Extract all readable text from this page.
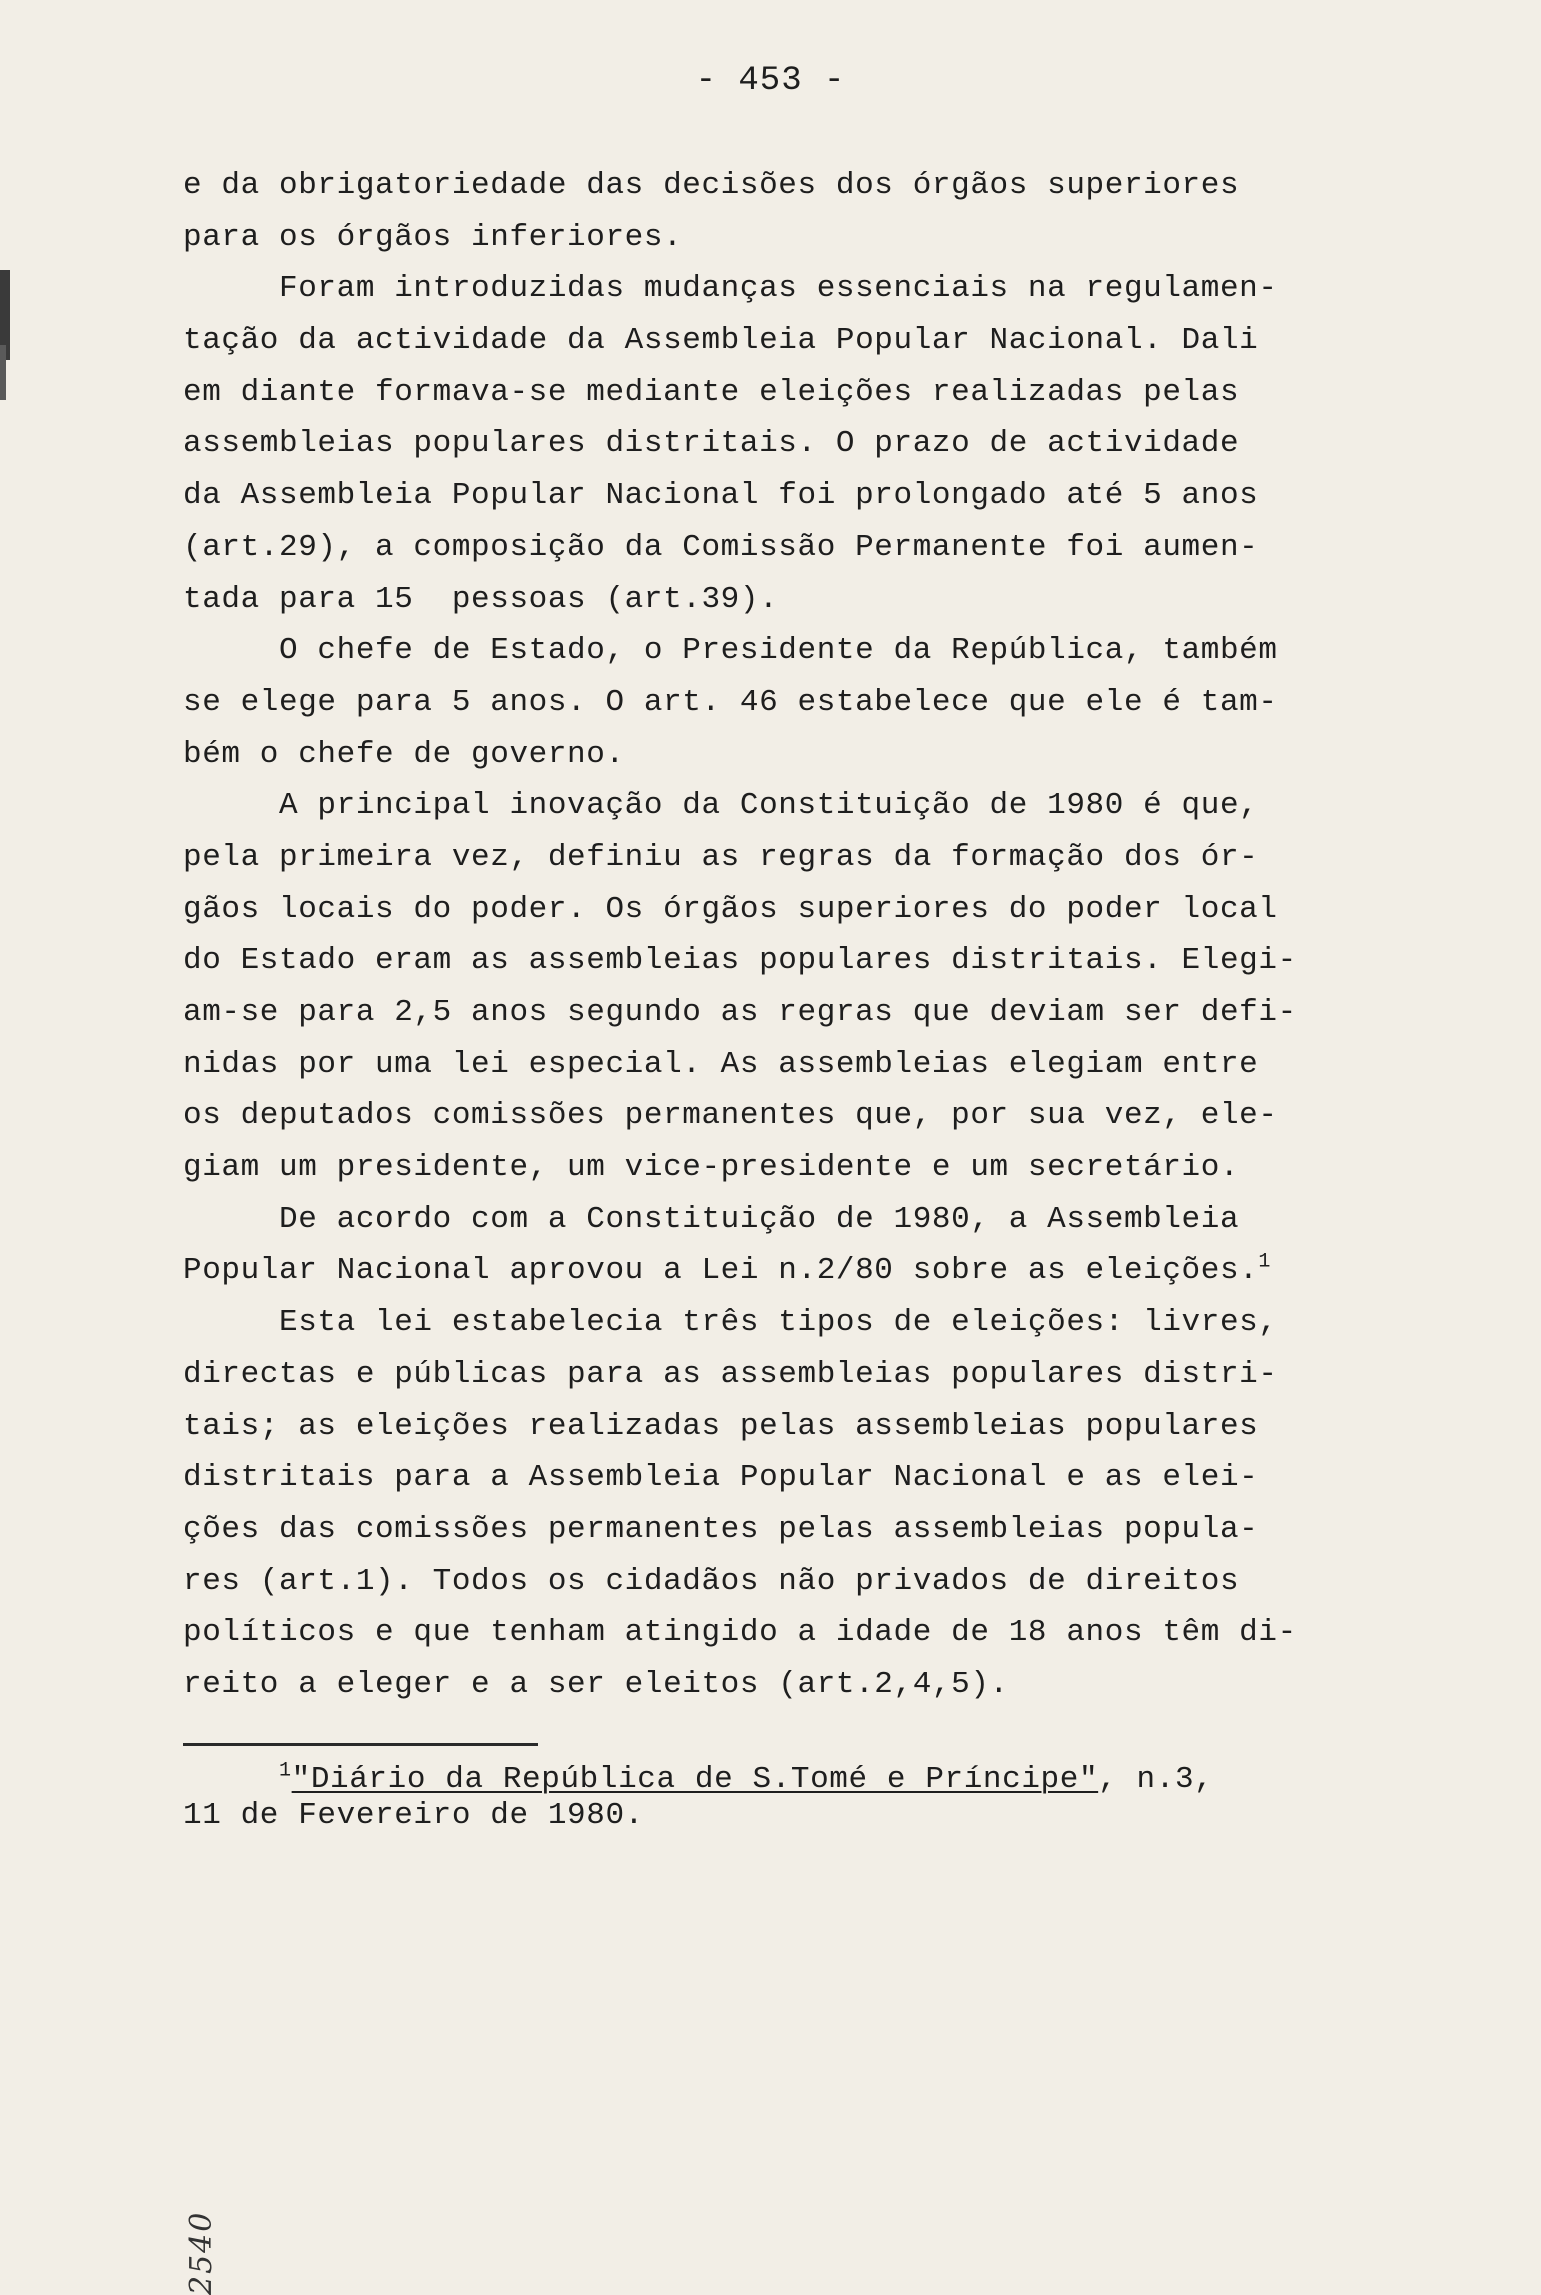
- 453 -
2540
e da obrigatoriedade das decisões dos órgãos superiores
para os órgãos inferiores.
Foram introduzidas mudanças essenciais na regulamen-
tação da actividade da Assembleia Popular Nacional. Dali
em diante formava-se mediante eleições realizadas pelas
assembleias populares distritais. O prazo de actividade
da Assembleia Popular Nacional foi prolongado até 5 anos
(art.29), a composição da Comissão Permanente foi aumen-
tada para 15  pessoas (art.39).
O chefe de Estado, o Presidente da República, também
se elege para 5 anos. O art. 46 estabelece que ele é tam-
bém o chefe de governo.
A principal inovação da Constituição de 1980 é que,
pela primeira vez, definiu as regras da formação dos ór-
gãos locais do poder. Os órgãos superiores do poder local
do Estado eram as assembleias populares distritais. Elegi-
am-se para 2,5 anos segundo as regras que deviam ser defi-
nidas por uma lei especial. As assembleias elegiam entre
os deputados comissões permanentes que, por sua vez, ele-
giam um presidente, um vice-presidente e um secretário.
De acordo com a Constituição de 1980, a Assembleia
Popular Nacional aprovou a Lei n.2/80 sobre as eleições.$^1$
Esta lei estabelecia três tipos de eleições: livres,
directas e públicas para as assembleias populares distri-
tais; as eleições realizadas pelas assembleias populares
distritais para a Assembleia Popular Nacional e as elei-
ções das comissões permanentes pelas assembleias popula-
res (art.1). Todos os cidadãos não privados de direitos
políticos e que tenham atingido a idade de 18 anos têm di-
reito a eleger e a ser eleitos (art.2,4,5).
$^1$"Diário da República de S.Tomé e Príncipe", n.3,
11 de Fevereiro de 1980.
